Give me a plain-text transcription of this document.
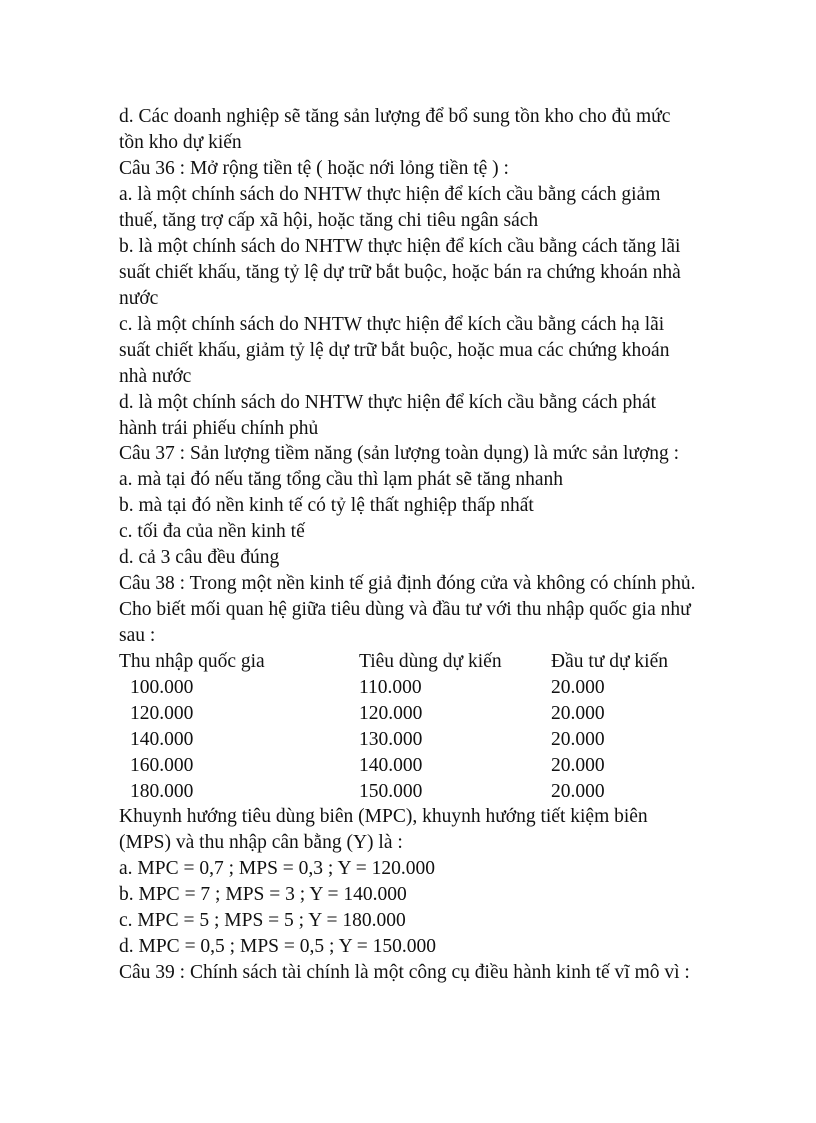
d. Các doanh nghiệp sẽ tăng sản lượng để bổ sung tồn kho cho đủ mức
tồn kho dự kiến
Câu 36 : Mở rộng tiền tệ ( hoặc nới lỏng tiền tệ ) :
a. là một chính sách do NHTW thực hiện để kích cầu bằng cách giảm
thuế, tăng trợ cấp xã hội, hoặc tăng chi tiêu ngân sách
b. là một chính sách do NHTW thực hiện để kích cầu bằng cách tăng lãi
suất chiết khấu, tăng tỷ lệ dự trữ bắt buộc, hoặc bán ra chứng khoán nhà
nước
c. là một chính sách do NHTW thực hiện để kích cầu bằng cách hạ lãi
suất chiết khấu, giảm tỷ lệ dự trữ bắt buộc, hoặc mua các chứng khoán
nhà nước
d. là một chính sách do NHTW thực hiện để kích cầu bằng cách phát
hành trái phiếu chính phủ
Câu 37 : Sản lượng tiềm năng (sản lượng toàn dụng) là mức sản lượng :
a. mà tại đó nếu tăng tổng cầu thì lạm phát sẽ tăng nhanh
b. mà tại đó nền kinh tế có tỷ lệ thất nghiệp thấp nhất
c. tối đa của nền kinh tế
d. cả 3 câu đều đúng
Câu 38 : Trong một nền kinh tế giả định đóng cửa và không có chính phủ.
Cho biết mối quan hệ giữa tiêu dùng và đầu tư với thu nhập quốc gia như
sau :
Thu nhập quốc gia	Tiêu dùng dự kiến	Đầu tư dự kiến
100.000	110.000	20.000
120.000	120.000	20.000
140.000	130.000	20.000
160.000	140.000	20.000
180.000	150.000	20.000
Khuynh hướng tiêu dùng biên (MPC), khuynh hướng tiết kiệm biên
(MPS) và thu nhập cân bằng (Y) là :
a. MPC = 0,7 ; MPS = 0,3 ; Y = 120.000
b. MPC = 7 ; MPS = 3 ; Y = 140.000
c. MPC = 5 ; MPS = 5 ; Y = 180.000
d. MPC = 0,5 ; MPS = 0,5 ; Y = 150.000
Câu 39 : Chính sách tài chính là một công cụ điều hành kinh tế vĩ mô vì :
